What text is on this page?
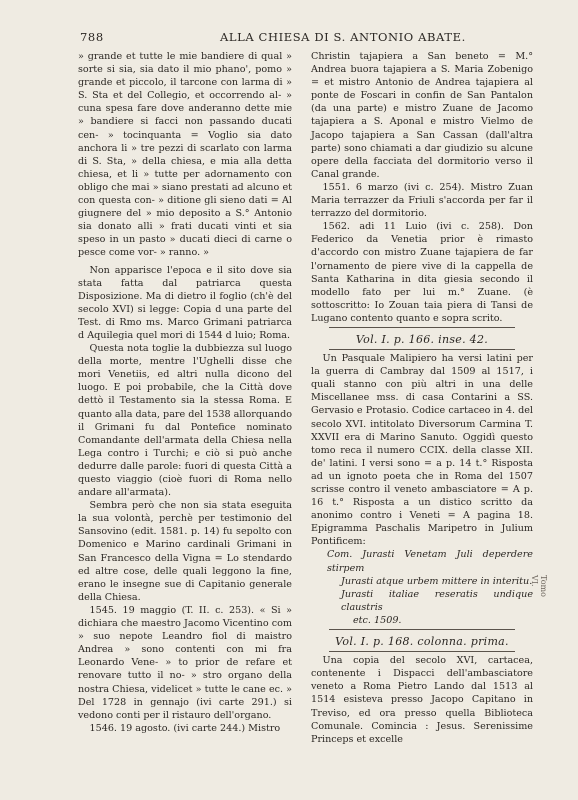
788	ALLA CHIESA DI S. ANTONIO ABATE.

» grande et tutte le mie bandiere di qual » sorte si sia, sia dato il mio phano', pomo » grande et piccolo, il tarcone con larma di » S. Sta et del Collegio, et occorrendo al- » cuna spesa fare dove anderanno dette mie » bandiere si facci non passando ducati cen- » tocinquanta = Voglio sia dato anchora li » tre pezzi di scarlato con larma di S. Sta, » della chiesa, e mia alla detta chiesa, et li » tutte per adornamento con obligo che mai » siano prestati ad alcuno et con questa con- » ditione gli sieno dati = Al giugnere del » mio deposito a S.° Antonio sia donato alli » frati ducati vinti et sia speso in un pasto » ducati dieci di carne o pesce come vor- » ranno. »

Non apparisce l'epoca e il sito dove sia stata fatta dal patriarca questa Disposizione. Ma di dietro il foglio (ch'è del secolo XVI) si legge: Copia d una parte del Test. di Rmo ms. Marco Grimani patriarca d Aquilegia quel mori di 1544 d luio; Roma.

Questa nota toglie la dubbiezza sul luogo della morte, mentre l'Ughelli disse che mori Venetiis, ed altri nulla dicono del luogo. E poi probabile, che la Città dove dettò il Testamento sia la stessa Roma. E quanto alla data, pare del 1538 allorquando il Grimani fu dal Pontefice nominato Comandante dell'armata della Chiesa nella Lega contro i Turchi; e ciò si può anche dedurre dalle parole: fuori di questa Città a questo viaggio (cioè fuori di Roma nello andare all'armata).

Sembra però che non sia stata eseguita la sua volontà, perchè per testimonio del Sansovino (edit. 1581. p. 14) fu sepolto con Domenico e Marino cardinali Grimani in San Francesco della Vigna = Lo stendardo ed altre cose, delle quali leggono la fine, erano le insegne sue di Capitanio generale della Chiesa.

1545. 19 maggio (T. II. c. 253). « Si » dichiara che maestro Jacomo Vicentino com » suo nepote Leandro fiol di maistro Andrea » sono contenti con mi fra Leonardo Vene- » to prior de refare et renovare tutto il no- » stro organo della nostra Chiesa, videlicet » tutte le cane ec. » Del 1728 in gennajo (ivi carte 291.) si vedono conti per il ristauro dell'organo.

1546. 19 agosto. (ivi carte 244.) Mistro

Christin tajapiera a San beneto = M.° Andrea buora tajapiera a S. Maria Zobenigo = et mistro Antonio de Andrea tajapiera al ponte de Foscari in confin de San Pantalon (da una parte) e mistro Zuane de Jacomo tajapiera a S. Aponal e mistro Vielmo de Jacopo tajapiera a San Cassan (dall'altra parte) sono chiamati a dar giudizio su alcune opere della facciata del dormitorio verso il Canal grande.

1551. 6 marzo (ivi c. 254). Mistro Zuan Maria terrazzer da Friuli s'accorda per far il terrazzo del dormitorio.

1562. adi 11 Luio (ivi c. 258). Don Federico da Venetia prior è rimasto d'accordo con mistro Zuane tajapiera de far l'ornamento de piere vive di la cappella de Santa Katharina in dita giesia secondo il modello fato per lui m.° Zuane. (è sottoscritto: Io Zouan taia piera di Tansi de Lugano contento quanto e sopra scrito.

Vol. I. p. 166. inse. 42.

Un Pasquale Malipiero ha versi latini per la guerra di Cambray dal 1509 al 1517, i quali stanno con più altri in una delle Miscellanee mss. di casa Contarini a SS. Gervasio e Protasio. Codice cartaceo in 4. del secolo XVI. intitolato Diversorum Carmina T. XXVII era di Marino Sanuto. Oggidì questo tomo reca il numero CCIX. della classe XII. de' latini. I versi sono = a p. 14 t.° Risposta ad un ignoto poeta che in Roma del 1507 scrisse contro il veneto ambasciatore = A p. 16 t.° Risposta a un distico scritto da anonimo contro i Veneti = A pagina 18. Epigramma Paschalis Maripetro in Julium Pontificem:

Com. Jurasti Venetam Juli deperdere stirpem

Jurasti atque urbem mittere in interitu.

Jurasti italiae reseratis undique claustris

etc. 1509.

Vol. I. p. 168. colonna. prima.

Una copia del secolo XVI, cartacea, contenente i Dispacci dell'ambasciatore veneto a Roma Pietro Lando dal 1513 al 1514 esisteva presso Jacopo Capitano in Treviso, ed ora presso quella Biblioteca Comunale. Comincia : Jesus. Serenissime Princeps et excelle

Tomo VI.
